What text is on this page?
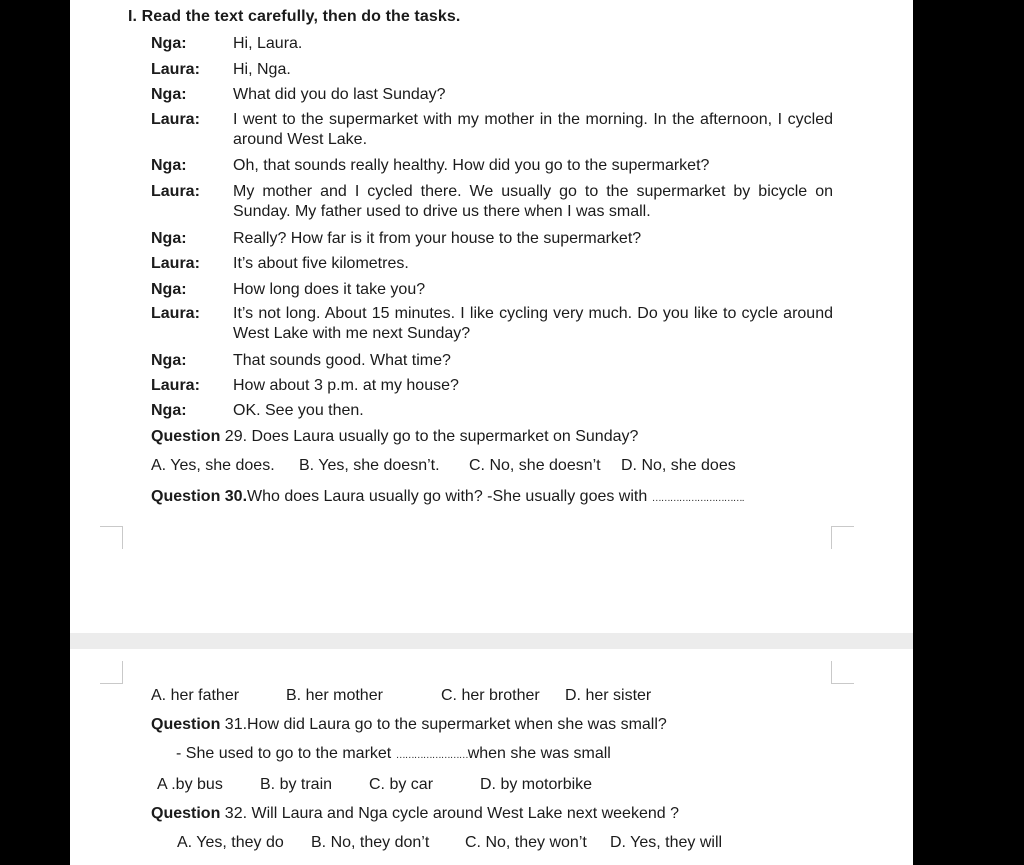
I. Read the text carefully, then do the tasks.
Nga:	Hi, Laura.
Laura: Hi, Nga.
Nga:	What did you do last Sunday?
Laura: I went to the supermarket with my mother in the morning. In the afternoon, I cycled around West Lake.
Nga:	Oh, that sounds really healthy. How did you go to the supermarket?
Laura: My mother and I cycled there. We usually go to the supermarket by bicycle on Sunday. My father used to drive us there when I was small.
Nga:	Really? How far is it from your house to the supermarket?
Laura: It’s about five kilometres.
Nga:	How long does it take you?
Laura: It’s not long. About 15 minutes. I like cycling very much. Do you like to cycle around West Lake with me next Sunday?
Nga:	That sounds good. What time?
Laura: How about 3 p.m. at my house?
Nga:	OK. See you then.
Question 29. Does Laura usually go to the supermarket on Sunday?
A. Yes, she does. B. Yes, she doesn’t. C. No, she doesn’t D. No, she does
Question 30.Who does Laura usually go with? -She usually goes with ………………………….
A. her father	B. her mother	C. her brother D. her sister
Question 31.How did Laura go to the supermarket when she was small?
- She used to go to the market ……………………when she was small
A .by bus B. by train C. by car	D. by motorbike
Question 32. Will Laura and Nga cycle around West Lake next weekend ?
A. Yes, they do B. No, they don’t C. No, they won’t D. Yes, they will
